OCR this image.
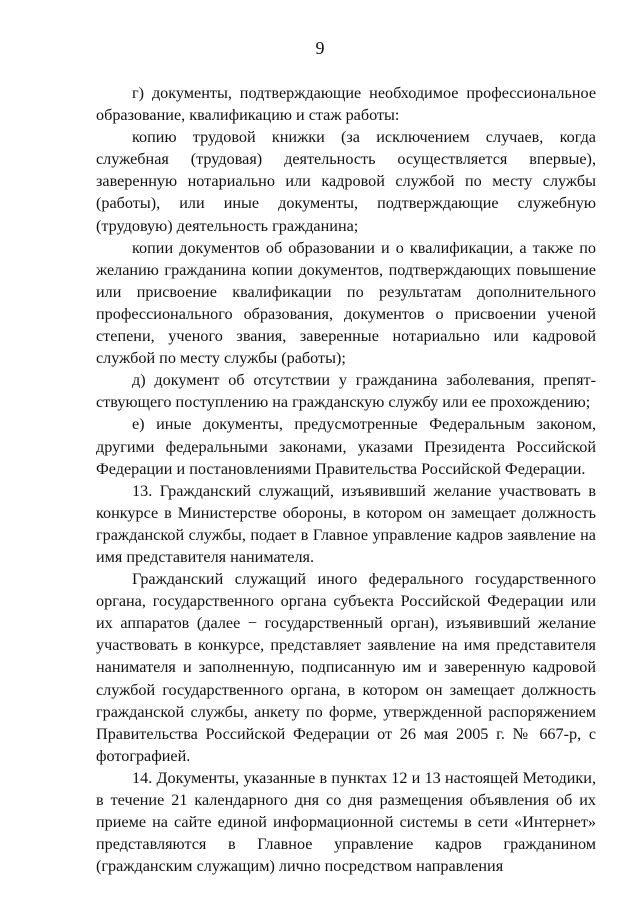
9

г) документы, подтверждающие необходимое профессиональное образование, квалификацию и стаж работы:

копию трудовой книжки (за исключением случаев, когда служебная (трудовая) деятельность осуществляется впервые), заверенную нотариально или кадровой службой по месту службы (работы), или иные документы, подтверждающие служебную (трудовую) деятельность гражданина;

копии документов об образовании и о квалификации, а также по желанию гражданина копии документов, подтверждающих повышение или присвоение квалификации по результатам дополнительного профессионального образования, документов о присвоении ученой степени, ученого звания, заверенные нотариально или кадровой службой по месту службы (работы);

д) документ об отсутствии у гражданина заболевания, препятствующего поступлению на гражданскую службу или ее прохождению;

е) иные документы, предусмотренные Федеральным законом, другими федеральными законами, указами Президента Российской Федерации и постановлениями Правительства Российской Федерации.

13. Гражданский служащий, изъявивший желание участвовать в конкурсе в Министерстве обороны, в котором он замещает должность гражданской службы, подает в Главное управление кадров заявление на имя представителя нанимателя.

Гражданский служащий иного федерального государственного органа, государственного органа субъекта Российской Федерации или их аппаратов (далее − государственный орган), изъявивший желание участвовать в конкурсе, представляет заявление на имя представителя нанимателя и заполненную, подписанную им и заверенную кадровой службой государственного органа, в котором он замещает должность гражданской службы, анкету по форме, утвержденной распоряжением Правительства Российской Федерации от 26 мая 2005 г. № 667-р, с фотографией.

14. Документы, указанные в пунктах 12 и 13 настоящей Методики, в течение 21 календарного дня со дня размещения объявления об их приеме на сайте единой информационной системы в сети «Интернет» представляются в Главное управление кадров гражданином (гражданским служащим) лично посредством направления
